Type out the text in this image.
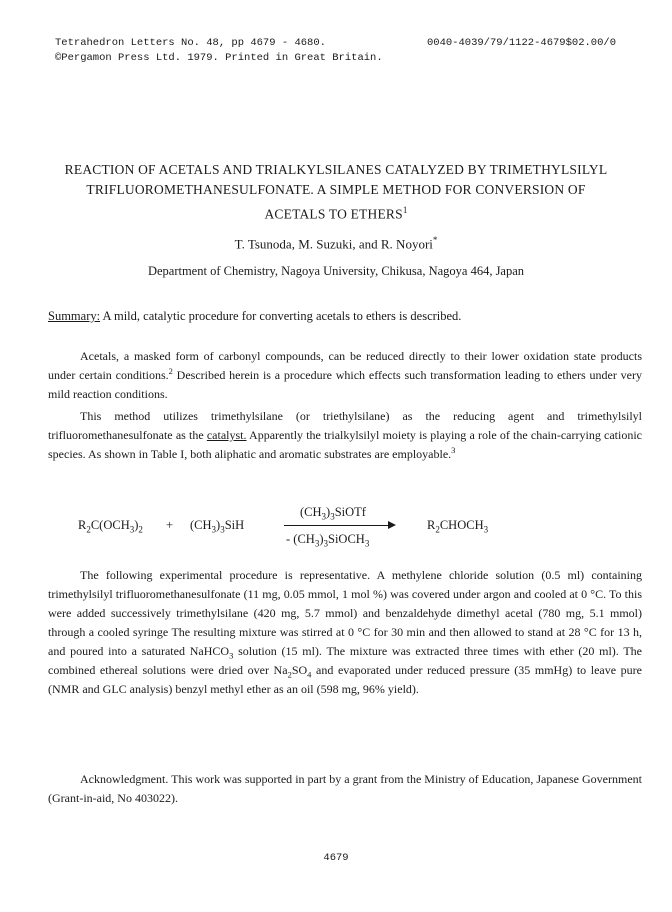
Tetrahedron Letters No. 48, pp 4679 - 4680.
©Pergamon Press Ltd. 1979. Printed in Great Britain.
0040-4039/79/1122-4679$02.00/0
REACTION OF ACETALS AND TRIALKYLSILANES CATALYZED BY TRIMETHYLSILYL
TRIFLUOROMETHANESULFONATE. A SIMPLE METHOD FOR CONVERSION OF
ACETALS TO ETHERS$^1$
T. Tsunoda, M. Suzuki, and R. Noyori*
Department of Chemistry, Nagoya University, Chikusa, Nagoya 464, Japan
Summary: A mild, catalytic procedure for converting acetals to ethers is described.

Acetals, a masked form of carbonyl compounds, can be reduced directly to their lower oxidation state products under certain conditions.$^2$ Described herein is a procedure which effects such transformation leading to ethers under very mild reaction conditions.

This method utilizes trimethylsilane (or triethylsilane) as the reducing agent and trimethylsilyl trifluoromethanesulfonate as the catalyst. Apparently the trialkylsilyl moiety is playing a role of the chain-carrying cationic species. As shown in Table I, both aliphatic and aromatic substrates are employable.$^3$

$R_2C(OCH_3)_2 + (CH_3)_3SiH$
$(CH_3)_3SiOTf$
- $(CH_3)_3SiOCH_3$
$R_2CHOCH_3$

The following experimental procedure is representative. A methylene chloride solution (0.5 ml) containing trimethylsilyl trifluoromethanesulfonate (11 mg, 0.05 mmol, 1 mol %) was covered under argon and cooled at 0 °C. To this were added successively trimethylsilane (420 mg, 5.7 mmol) and benzaldehyde dimethyl acetal (780 mg, 5.1 mmol) through a cooled syringe The resulting mixture was stirred at 0 °C for 30 min and then allowed to stand at 28 °C for 13 h, and poured into a saturated NaHCO$_3$ solution (15 ml). The mixture was extracted three times with ether (20 ml). The combined ethereal solutions were dried over $Na_2SO_4$ and evaporated under reduced pressure (35 mmHg) to leave pure (NMR and GLC analysis) benzyl methyl ether as an oil (598 mg, 96% yield).

Acknowledgment. This work was supported in part by a grant from the Ministry of Education, Japanese Government (Grant-in-aid, No 403022).

4679
